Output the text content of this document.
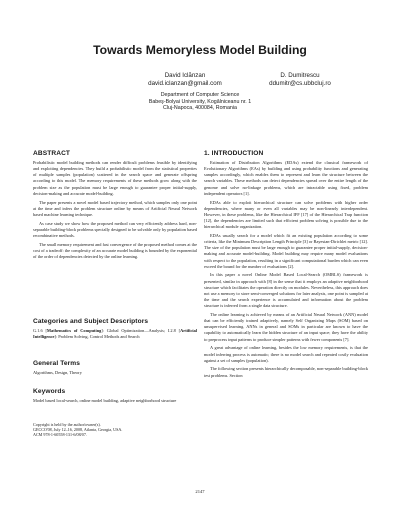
Towards Memoryless Model Building
David Iclănzan
david.iclanzan@gmail.com
D. Dumitrescu
ddumitr@cs.ubbcluj.ro
Department of Computer Science
Babeş-Bolyai University, Kogălniceanu nr. 1
Cluj-Napoca, 400084, Romania
ABSTRACT

Probabilistic model building methods can render difficult problems feasible by identifying and exploiting dependencies. They build a probabilistic model from the statistical properties of multiple samples (population) scattered in the search space and generate offspring according to this model. The memory requirements of these methods grow along with the problem size as the population must be large enough to guarantee proper initial-supply, decision-making and accurate model-building.

The paper presents a novel model based trajectory method, which samples only one point at the time and infers the problem structure online by means of Artificial Neural Network based machine learning technique.

As case study we show how the proposed method can very efficiently address hard, non-separable building-block problems specially designed to be solvable only by population based recombinative methods.

The small memory requirement and fast convergence of the proposed method comes at the cost of a tradeoff: the complexity of an accurate model building is bounded by the exponential of the order of dependencies detected by the online learning.

Categories and Subject Descriptors

G.1.6 [Mathematics of Computing]: Global Optimization—Analysis; I.2.8 [Artificial Intelligence]: Problem Solving, Control Methods and Search

General Terms

Algorithms, Design, Theory

Keywords

Model based local-search, online model building, adaptive neighborhood structure

Copyright is held by the author/owner(s).

GECCO'08, July 12–16, 2008, Atlanta, Georgia, USA.

ACM 978-1-60558-131-6/08/07.

1. INTRODUCTION

Estimation of Distribution Algorithms (EDAs) extend the classical framework of Evolutionary Algorithms (EAs) by building and using probability functions and generating samples accordingly, which enables them to represent and learn the structure between the search variables. These methods can detect dependencies spread over the entire length of the genome and solve no-linkage problems, which are intractable using fixed, problem independent operators [1].

EDAs able to exploit hierarchical structure can solve problems with higher order dependencies, where many or even all variables may be non-linearly interdependent. However, in these problems, like the Hierarchical IFF [17] of the Hierarchical Trap function [12], the dependencies are limited such that efficient problem solving is possible due to the hierarchical module organization.

EDAs usually search for a model which fit an existing population according to some criteria, like the Minimum Description Length Principle [3] or Bayesian-Dirichlet metric [12]. The size of the population must be large enough to guarantee proper initial-supply, decision-making and accurate model-building. Model building may require many model evaluations with respect to the population, resulting in a significant computational burden which can even exceed the bound for the number of evaluations [2].

In this paper a novel Online Model Based Local-Search (OMBLS) framework is presented, similar in approach with [8] in the sense that it employs an adaptive neighborhood structure which facilitates the operation directly on modules. Nevertheless, this approach does not use a memory to store semi-converged solutions for later analysis, one point is sampled at the time and the search experience is accumulated and information about the problem structure is inferred from a single data structure.

The online learning is achieved by means of an Artificial Neural Network (ANN) model that can be efficiently trained adaptively, namely Self Organizing Maps (SOM) based on unsupervised learning. ANNs in general and SOMs in particular are known to have the capability to automatically learn the hidden structure of an input space; they have the ability to preprocess input patterns to produce simpler patterns with fewer components [7].

A great advantage of online learning, besides the low memory requirements, is that the model inferring process is automatic; there is no model search and repeated costly evaluation against a set of samples (population).

The following section presents hierarchically decomposable, non-separable building-block test problems. Section

2147
